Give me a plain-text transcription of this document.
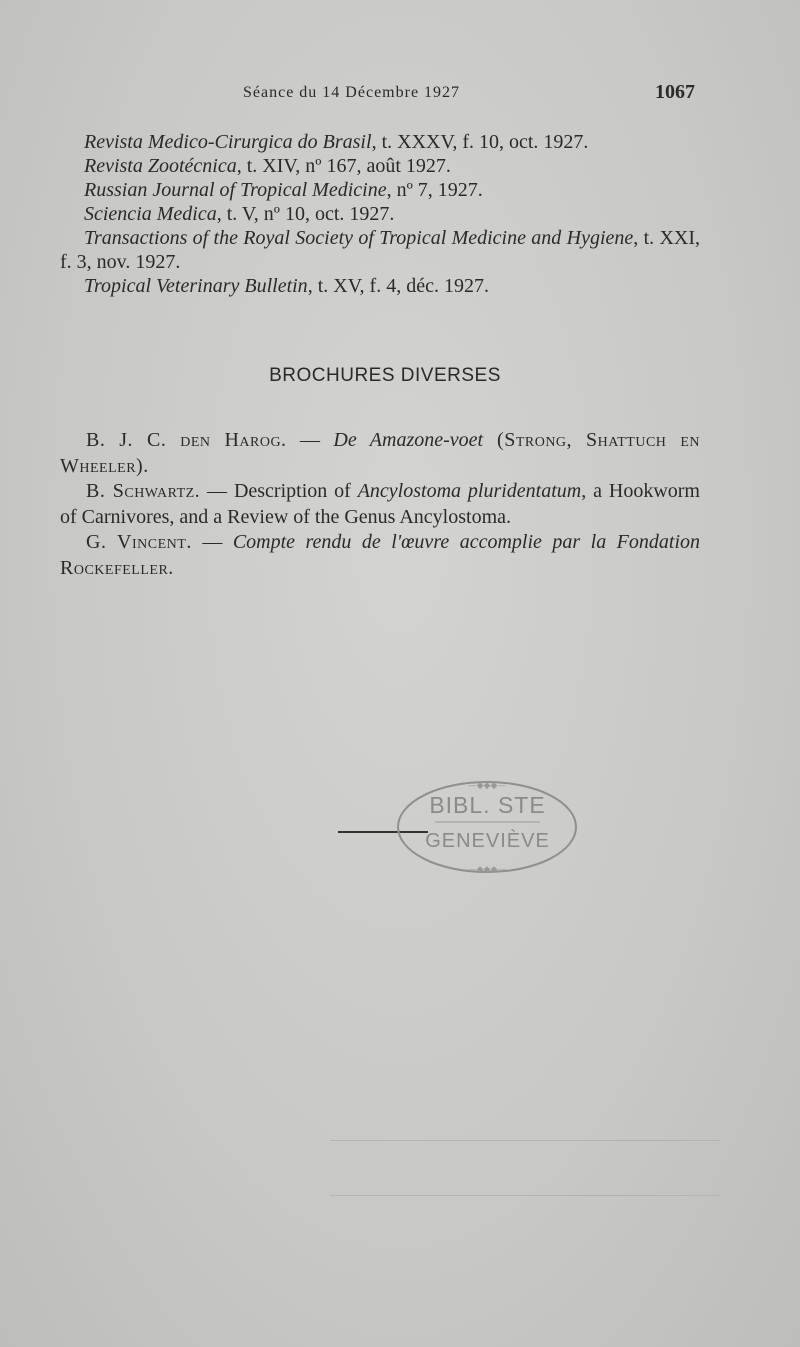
Séance du 14 Décembre 1927	1067

Revista Medico-Cirurgica do Brasil, t. XXXV, f. 10, oct. 1927.

Revista Zootécnica, t. XIV, nº 167, août 1927.

Russian Journal of Tropical Medicine, nº 7, 1927.

Sciencia Medica, t. V, nº 10, oct. 1927.

Transactions of the Royal Society of Tropical Medicine and Hygiene, t. XXI, f. 3, nov. 1927.

Tropical Veterinary Bulletin, t. XV, f. 4, déc. 1927.

BROCHURES DIVERSES

B. J. C. den Harog. — De Amazone-voet (Strong, Shattuch en Wheeler).

B. Schwartz. — Description of Ancylostoma pluridentatum, a Hookworm of Carnivores, and a Review of the Genus Ancylostoma.

G. Vincent. — Compte rendu de l'œuvre accomplie par la Fondation Rockefeller.

—◆◆◆—
—◆◆◆—
BIBL. STE
GENEVIÈVE
